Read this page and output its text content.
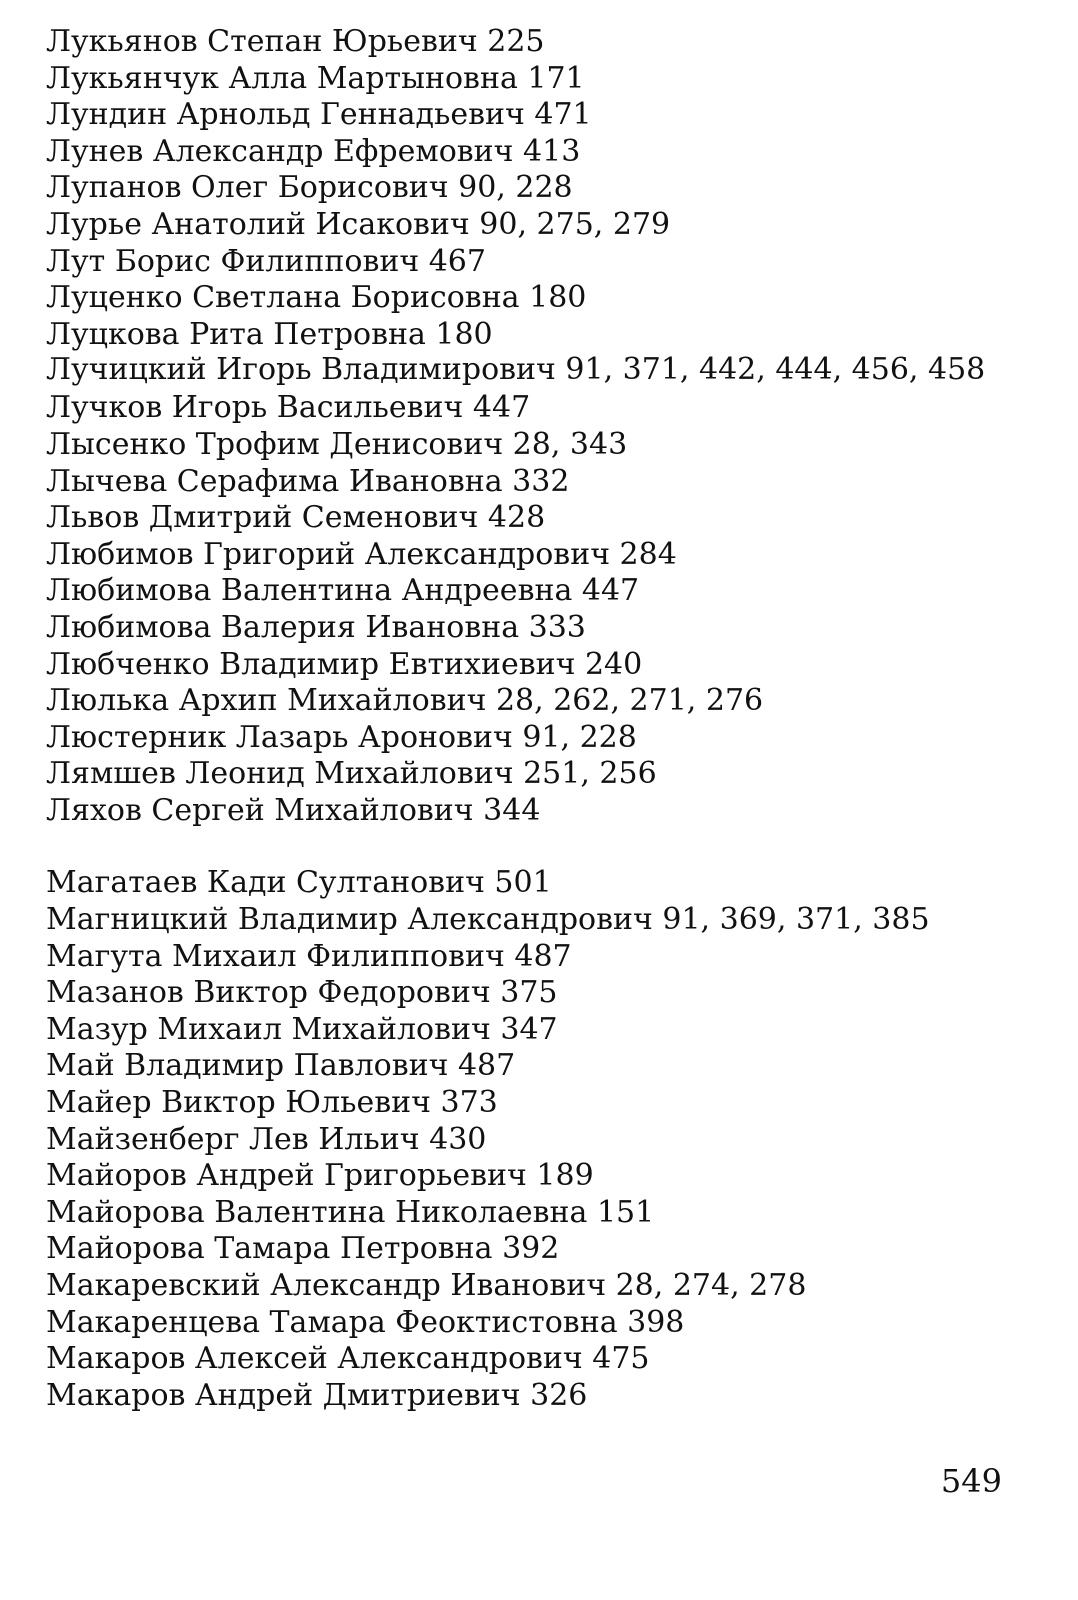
Лукьянов Степан Юрьевич 225
Лукьянчук Алла Мартыновна 171
Лундин Арнольд Геннадьевич 471
Лунев Александр Ефремович 413
Лупанов Олег Борисович 90, 228
Лурье Анатолий Исакович 90, 275, 279
Лут Борис Филиппович 467
Луценко Светлана Борисовна 180
Луцкова Рита Петровна 180
Лучицкий Игорь Владимирович 91, 371, 442, 444, 456, 458
Лучков Игорь Васильевич 447
Лысенко Трофим Денисович 28, 343
Лычева Серафима Ивановна 332
Львов Дмитрий Семенович 428
Любимов Григорий Александрович 284
Любимова Валентина Андреевна 447
Любимова Валерия Ивановна 333
Любченко Владимир Евтихиевич 240
Люлька Архип Михайлович 28, 262, 271, 276
Люстерник Лазарь Аронович 91, 228
Лямшев Леонид Михайлович 251, 256
Ляхов Сергей Михайлович 344
Магатаев Кади Султанович 501
Магницкий Владимир Александрович 91, 369, 371, 385
Магута Михаил Филиппович 487
Мазанов Виктор Федорович 375
Мазур Михаил Михайлович 347
Май Владимир Павлович 487
Майер Виктор Юльевич 373
Майзенберг Лев Ильич 430
Майоров Андрей Григорьевич 189
Майорова Валентина Николаевна 151
Майорова Тамара Петровна 392
Макаревский Александр Иванович 28, 274, 278
Макаренцева Тамара Феоктистовна 398
Макаров Алексей Александрович 475
Макаров Андрей Дмитриевич 326
549
